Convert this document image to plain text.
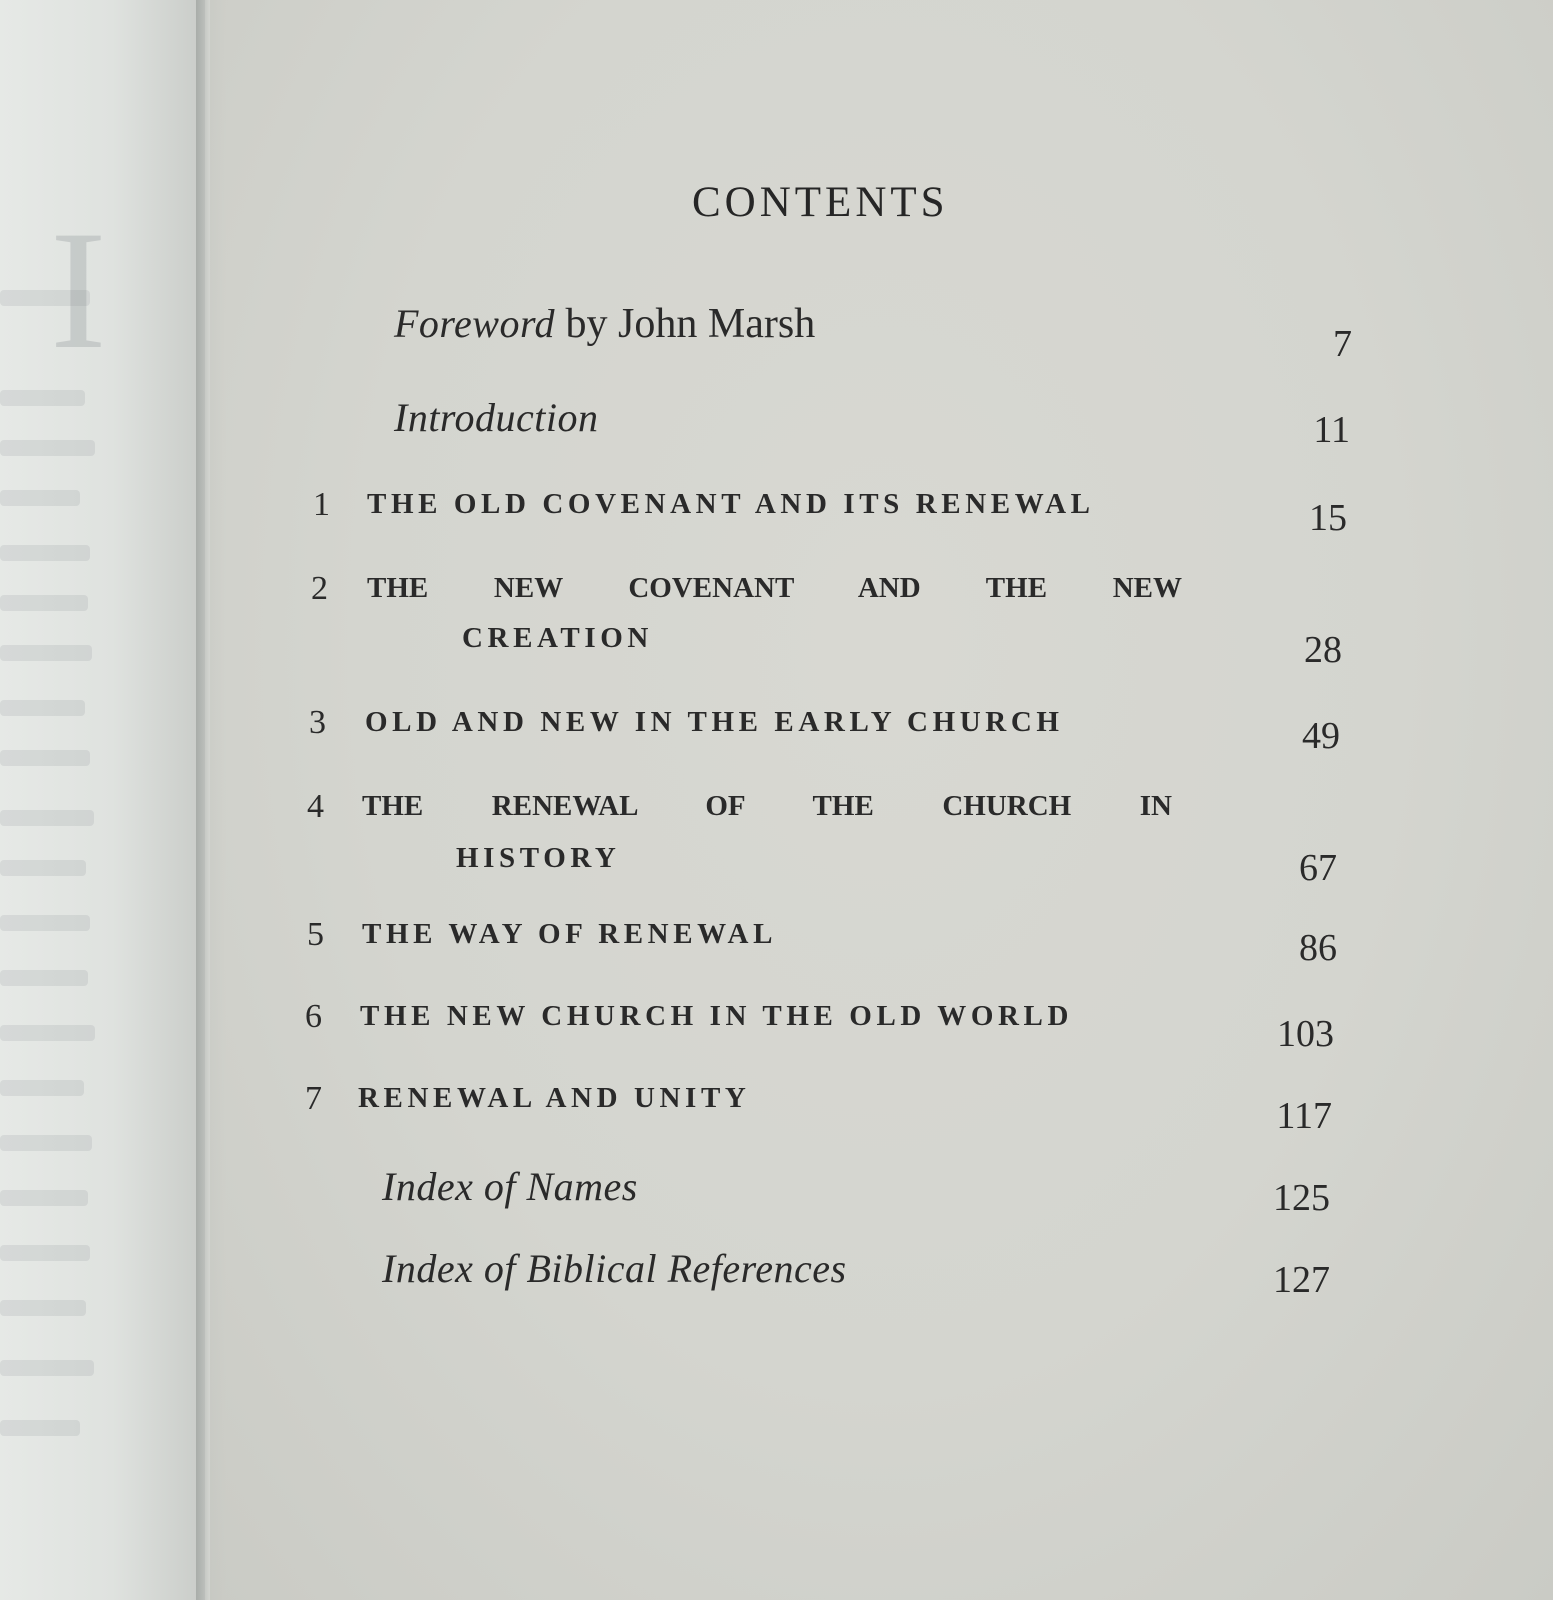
I	CONTENTS
Foreword by John Marsh	7
Introduction	11
1 THE OLD COVENANT AND ITS RENEWAL	15
2 THE NEW COVENANT AND THE NEW
CREATION	28
3 OLD AND NEW IN THE EARLY CHURCH	49
4 THE RENEWAL OF THE CHURCH IN
HISTORY	67
5 THE WAY OF RENEWAL	86
6 THE NEW CHURCH IN THE OLD WORLD	103
7 RENEWAL AND UNITY	117
Index of Names	125
Index of Biblical References	127
